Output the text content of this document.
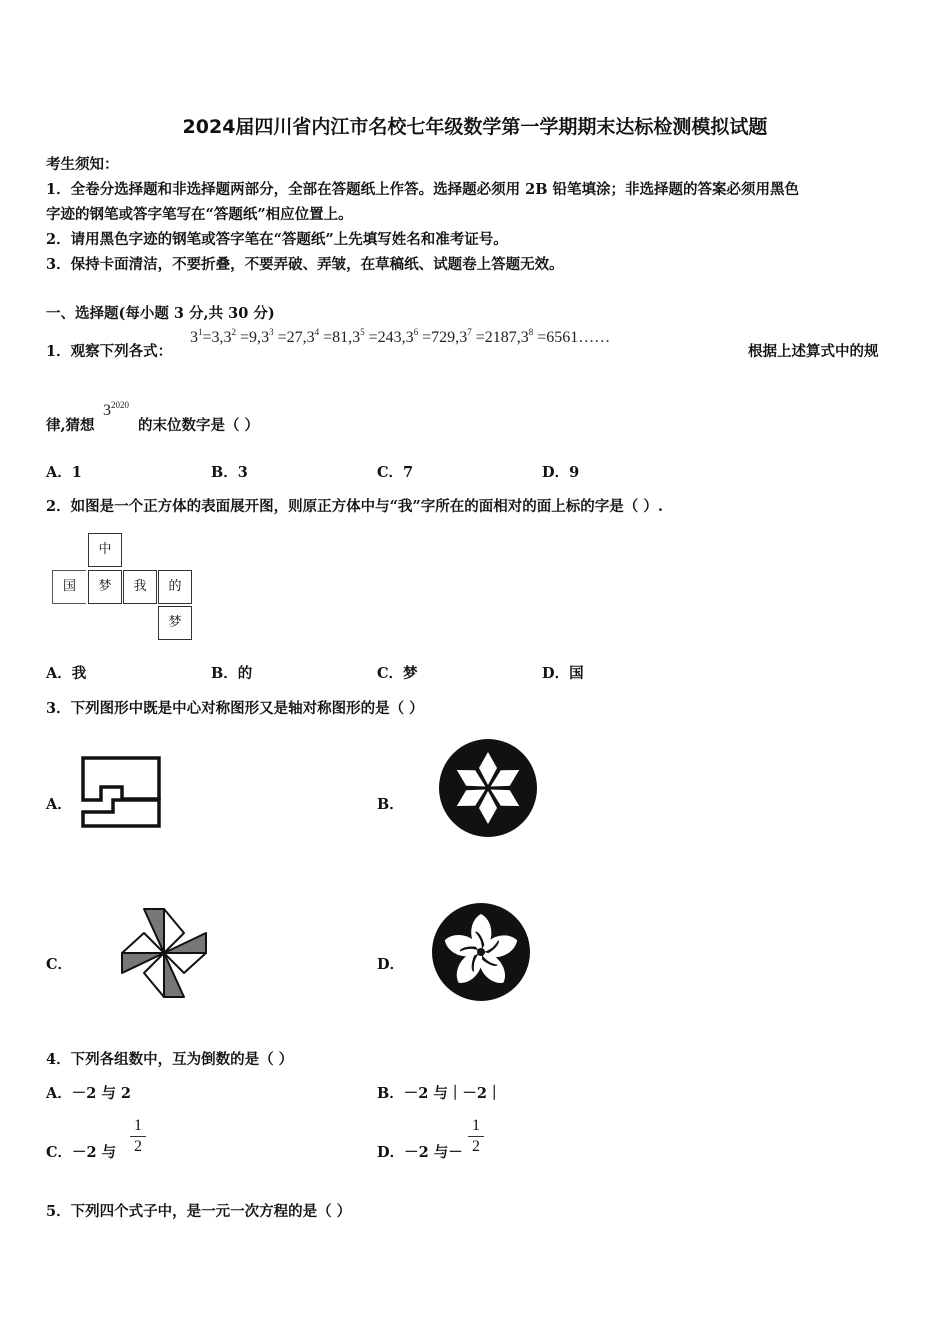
2024届四川省内江市名校七年级数学第一学期期末达标检测模拟试题
考生须知：
1．全卷分选择题和非选择题两部分，全部在答题纸上作答。选择题必须用 2B 铅笔填涂；非选择题的答案必须用黑色
字迹的钢笔或答字笔写在“答题纸”相应位置上。
2．请用黑色字迹的钢笔或答字笔在“答题纸”上先填写姓名和准考证号。
3．保持卡面清洁，不要折叠，不要弄破、弄皱，在草稿纸、试题卷上答题无效。
一、选择题(每小题 3 分,共 30 分)
1．观察下列各式：
$3^1=3,3^2 =9,3^3 =27,3^4 =81,3^5 =243,3^6 =729,3^7 =2187,3^8$ =6561……
根据上述算式中的规
律,猜想
$3^{2020}$
的末位数字是（ ）
A．1	B．3	C．7	D．9
2．如图是一个正方体的表面展开图，则原正方体中与“我”字所在的面相对的面上标的字是（ ）.
中
国	梦	我	的
梦
A．我	B．的	C．梦	D．国
3．下列图形中既是中心对称图形又是轴对称图形的是（ ）
A．	B．
C．	D．
4．下列各组数中，互为倒数的是（ ）
A．－2 与 2	B．－2 与｜－2｜
C．－2 与
1
2	D．－2 与－
1
2
5．下列四个式子中，是一元一次方程的是（ ）
